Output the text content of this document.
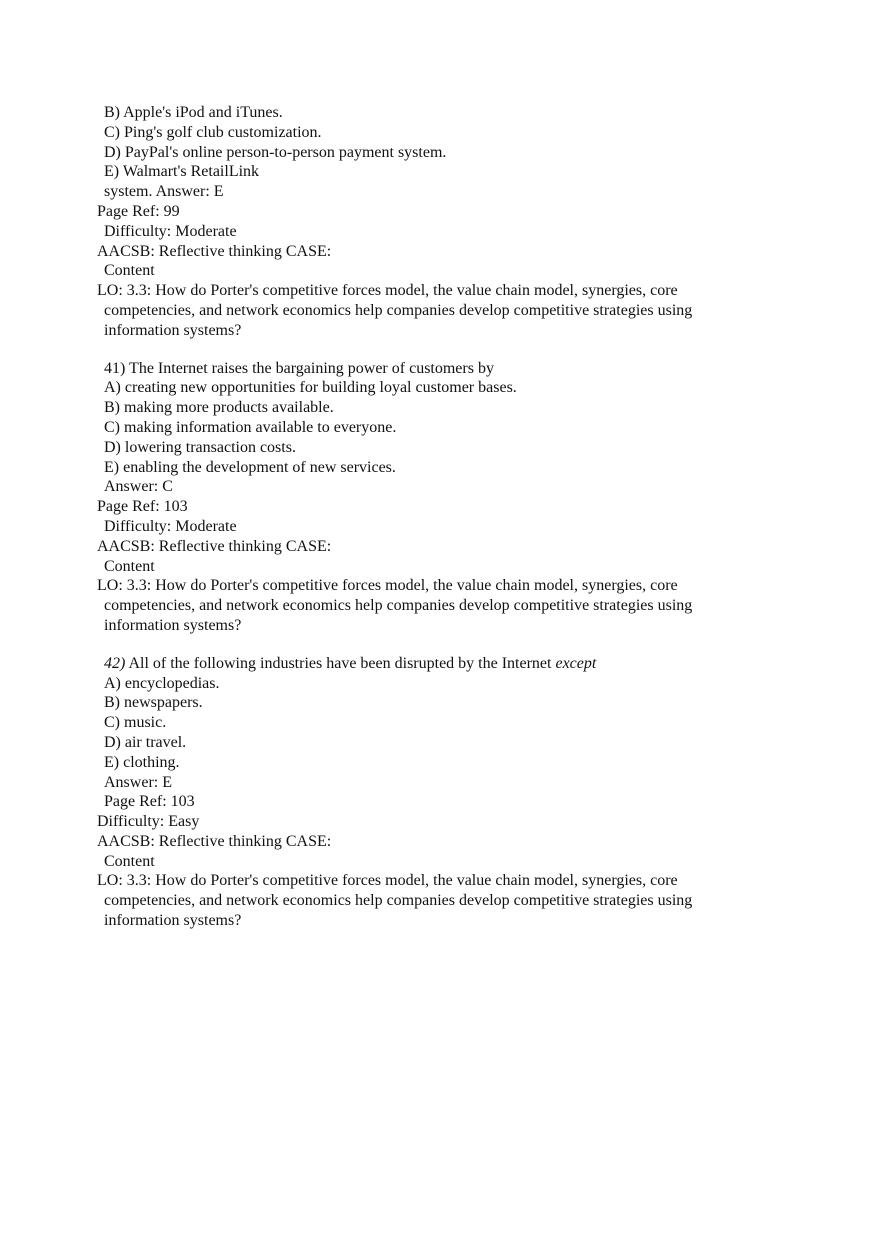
B) Apple's iPod and iTunes.

C) Ping's golf club customization.

D) PayPal's online person-to-person payment system.

E) Walmart's RetailLink

system. Answer: E

Page Ref: 99

Difficulty: Moderate

AACSB: Reflective thinking CASE:

Content

LO: 3.3: How do Porter's competitive forces model, the value chain model, synergies, core

competencies, and network economics help companies develop competitive strategies using

information systems?

41) The Internet raises the bargaining power of customers by

A) creating new opportunities for building loyal customer bases.

B) making more products available.

C) making information available to everyone.

D) lowering transaction costs.

E) enabling the development of new services.

Answer: C

Page Ref: 103

Difficulty: Moderate

AACSB: Reflective thinking CASE:

Content

LO: 3.3: How do Porter's competitive forces model, the value chain model, synergies, core

competencies, and network economics help companies develop competitive strategies using

information systems?

42) All of the following industries have been disrupted by the Internet except

A) encyclopedias.

B) newspapers.

C) music.

D) air travel.

E) clothing.

Answer: E

Page Ref: 103

Difficulty: Easy

AACSB: Reflective thinking CASE:

Content

LO: 3.3: How do Porter's competitive forces model, the value chain model, synergies, core

competencies, and network economics help companies develop competitive strategies using

information systems?
